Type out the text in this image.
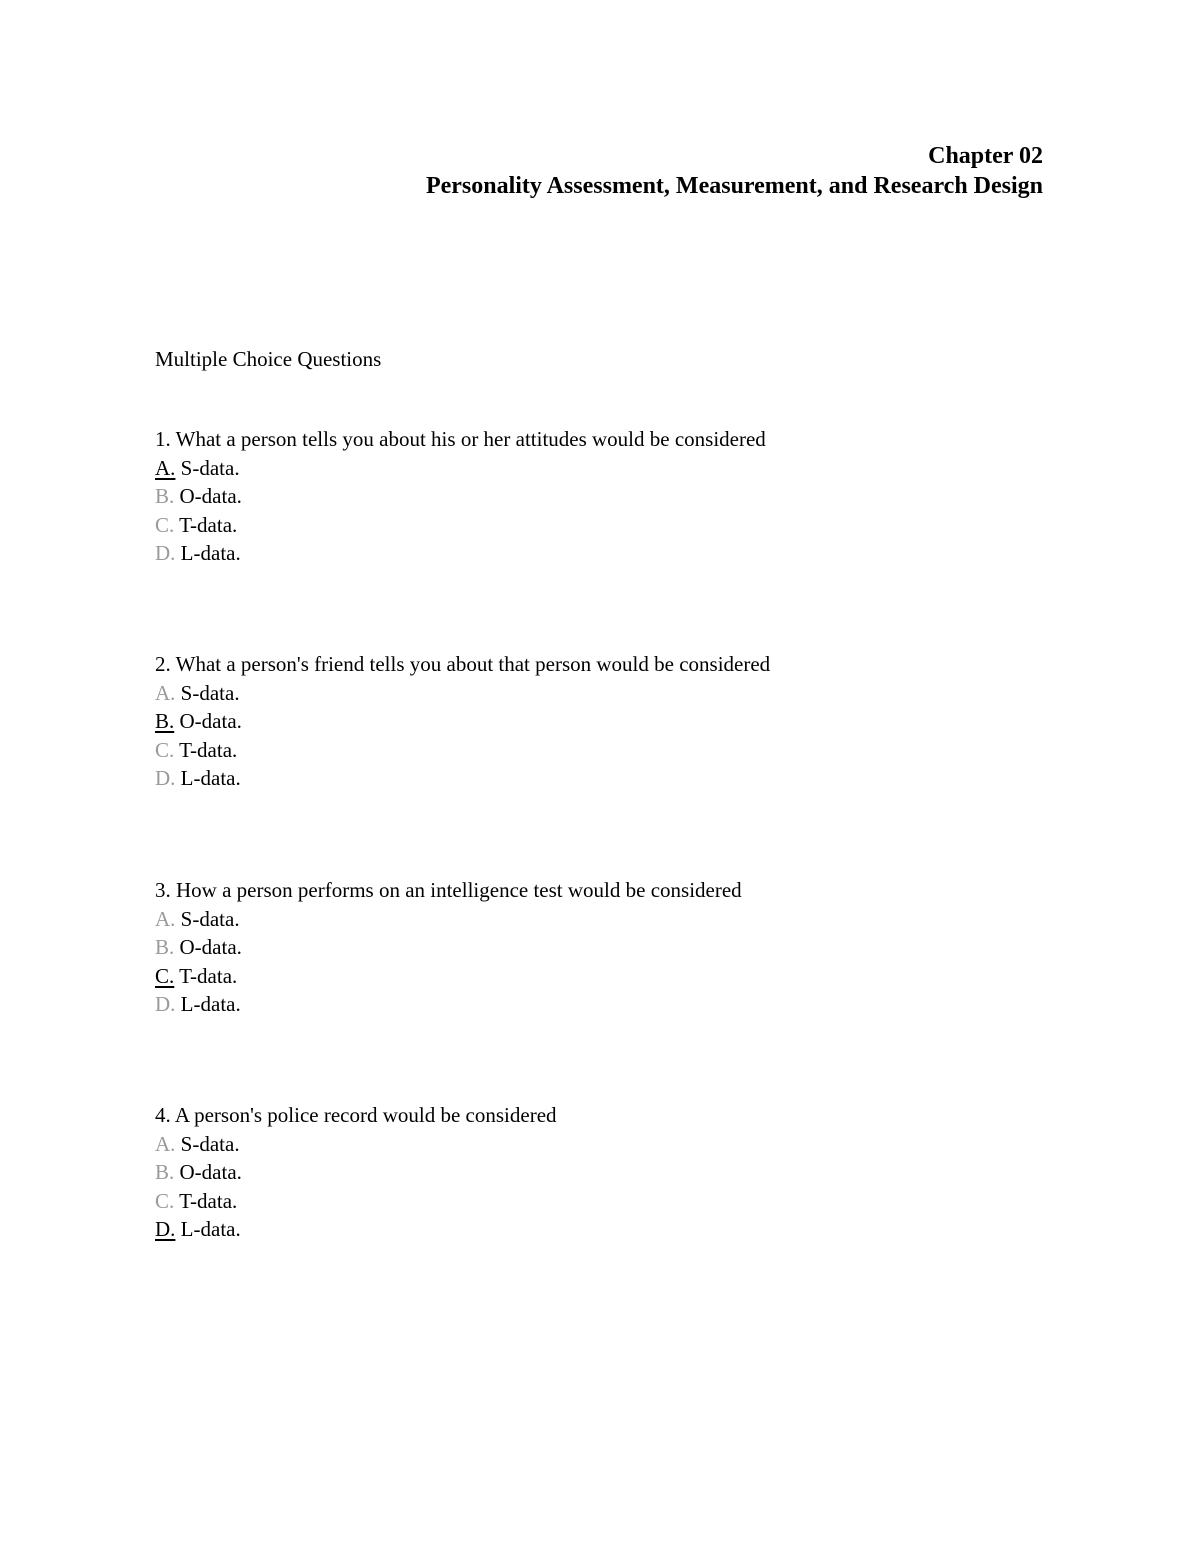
Chapter 02
Personality Assessment, Measurement, and Research Design
Multiple Choice Questions
1. What a person tells you about his or her attitudes would be considered
A. S-data.
B. O-data.
C. T-data.
D. L-data.
2. What a person's friend tells you about that person would be considered
A. S-data.
B. O-data.
C. T-data.
D. L-data.
3. How a person performs on an intelligence test would be considered
A. S-data.
B. O-data.
C. T-data.
D. L-data.
4. A person's police record would be considered
A. S-data.
B. O-data.
C. T-data.
D. L-data.
